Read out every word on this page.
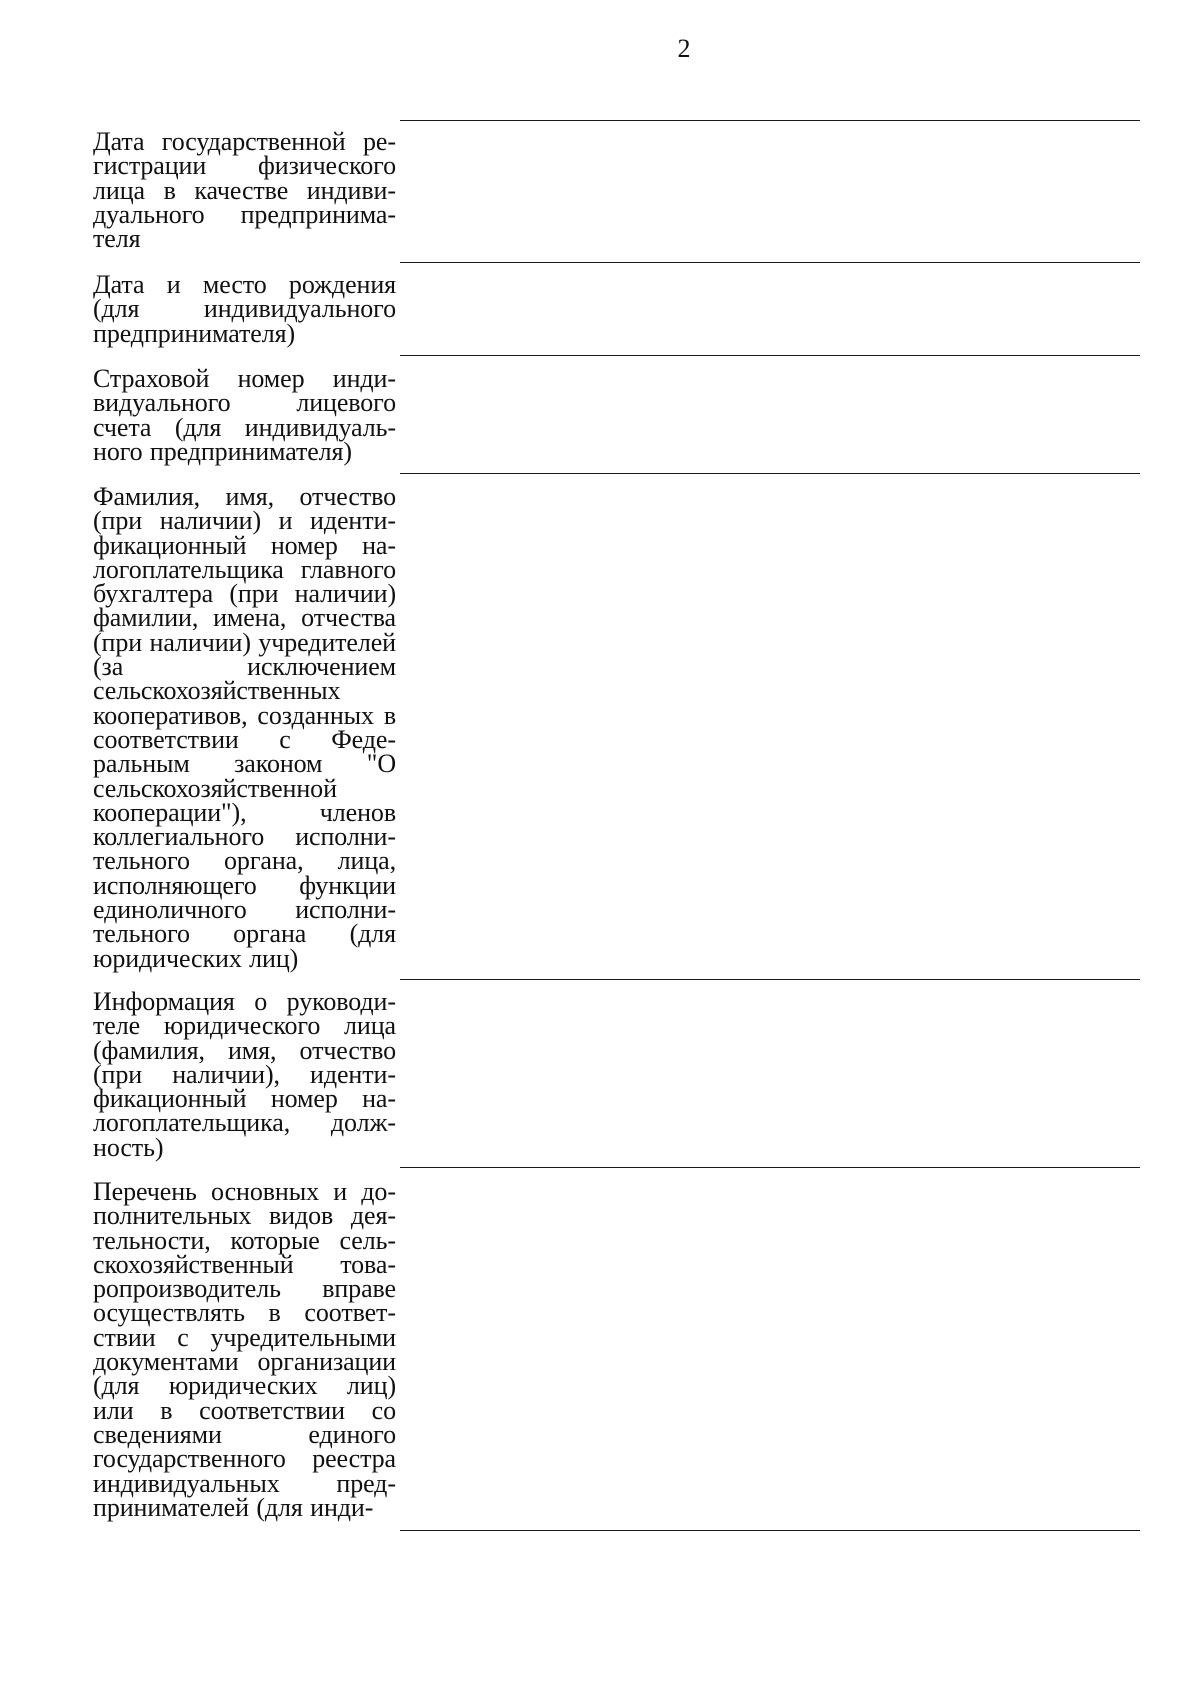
2
Дата государственной регистрации физического лица в качестве индивидуального предпринимателя
Дата и место рождения (для индивидуального предпринимателя)
Страховой номер индивидуального лицевого счета (для индивидуального предпринимателя)
Фамилия, имя, отчество (при наличии) и идентификационный номер налогоплательщика главного бухгалтера (при наличии) фамилии, имена, отчества (при наличии) учредителей (за исключением сельскохозяйственных кооперативов, созданных в соответствии с Федеральным законом "О сельскохозяйственной кооперации"), членов коллегиального исполнительного органа, лица, исполняющего функции единоличного исполнительного органа (для юридических лиц)
Информация о руководителе юридического лица (фамилия, имя, отчество (при наличии), идентификационный номер налогоплательщика, должность)
Перечень основных и дополнительных видов деятельности, которые сельскохозяйственный товаропроизводитель вправе осуществлять в соответствии с учредительными документами организации (для юридических лиц) или в соответствии со сведениями единого государственного реестра индивидуальных предпринимателей (для инди-
